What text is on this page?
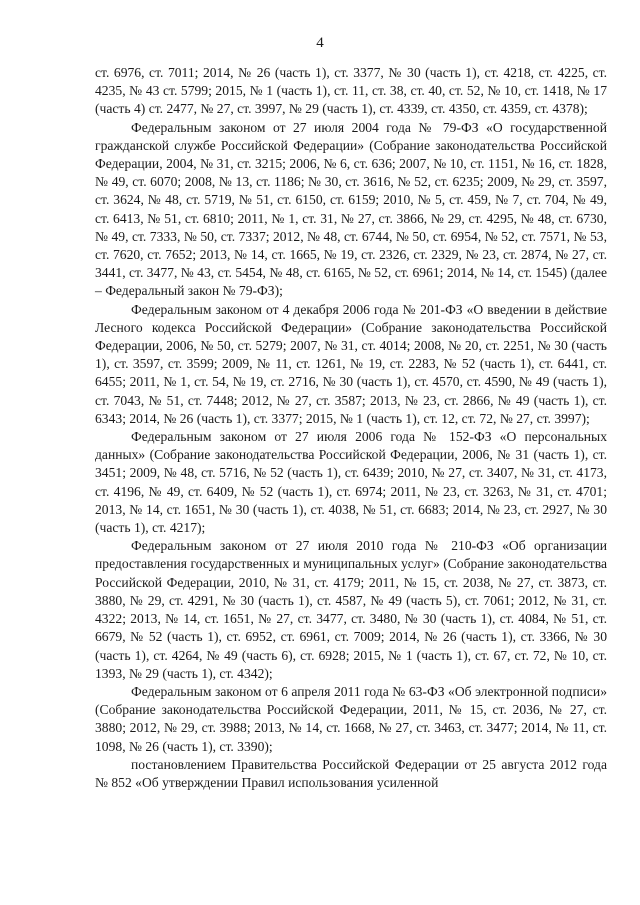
4

ст. 6976, ст. 7011; 2014, № 26 (часть 1), ст. 3377, № 30 (часть 1), ст. 4218, ст. 4225, ст. 4235, № 43 ст. 5799; 2015, № 1 (часть 1), ст. 11, ст. 38, ст. 40, ст. 52, № 10, ст. 1418, № 17 (часть 4) ст. 2477, № 27, ст. 3997, № 29 (часть 1), ст. 4339, ст. 4350, ст. 4359, ст. 4378);

Федеральным законом от 27 июля 2004 года № 79-ФЗ «О государственной гражданской службе Российской Федерации» (Собрание законодательства Российской Федерации, 2004, № 31, ст. 3215; 2006, № 6, ст. 636; 2007, № 10, ст. 1151, № 16, ст. 1828, № 49, ст. 6070; 2008, № 13, ст. 1186; № 30, ст. 3616, № 52, ст. 6235; 2009, № 29, ст. 3597, ст. 3624, № 48, ст. 5719, № 51, ст. 6150, ст. 6159; 2010, № 5, ст. 459, № 7, ст. 704, № 49, ст. 6413, № 51, ст. 6810; 2011, № 1, ст. 31, № 27, ст. 3866, № 29, ст. 4295, № 48, ст. 6730, № 49, ст. 7333, № 50, ст. 7337; 2012, № 48, ст. 6744, № 50, ст. 6954, № 52, ст. 7571, № 53, ст. 7620, ст. 7652; 2013, № 14, ст. 1665, № 19, ст. 2326, ст. 2329, № 23, ст. 2874, № 27, ст. 3441, ст. 3477, № 43, ст. 5454, № 48, ст. 6165, № 52, ст. 6961; 2014, № 14, ст. 1545) (далее – Федеральный закон № 79-ФЗ);

Федеральным законом от 4 декабря 2006 года № 201-ФЗ «О введении в действие Лесного кодекса Российской Федерации» (Собрание законодательства Российской Федерации, 2006, № 50, ст. 5279; 2007, № 31, ст. 4014; 2008, № 20, ст. 2251, № 30 (часть 1), ст. 3597, ст. 3599; 2009, № 11, ст. 1261, № 19, ст. 2283, № 52 (часть 1), ст. 6441, ст. 6455; 2011, № 1, ст. 54, № 19, ст. 2716, № 30 (часть 1), ст. 4570, ст. 4590, № 49 (часть 1), ст. 7043, № 51, ст. 7448; 2012, № 27, ст. 3587; 2013, № 23, ст. 2866, № 49 (часть 1), ст. 6343; 2014, № 26 (часть 1), ст. 3377; 2015, № 1 (часть 1), ст. 12, ст. 72, № 27, ст. 3997);

Федеральным законом от 27 июля 2006 года № 152-ФЗ «О персональных данных» (Собрание законодательства Российской Федерации, 2006, № 31 (часть 1), ст. 3451; 2009, № 48, ст. 5716, № 52 (часть 1), ст. 6439; 2010, № 27, ст. 3407, № 31, ст. 4173, ст. 4196, № 49, ст. 6409, № 52 (часть 1), ст. 6974; 2011, № 23, ст. 3263, № 31, ст. 4701; 2013, № 14, ст. 1651, № 30 (часть 1), ст. 4038, № 51, ст. 6683; 2014, № 23, ст. 2927, № 30 (часть 1), ст. 4217);

Федеральным законом от 27 июля 2010 года № 210-ФЗ «Об организации предоставления государственных и муниципальных услуг» (Собрание законодательства Российской Федерации, 2010, № 31, ст. 4179; 2011, № 15, ст. 2038, № 27, ст. 3873, ст. 3880, № 29, ст. 4291, № 30 (часть 1), ст. 4587, № 49 (часть 5), ст. 7061; 2012, № 31, ст. 4322; 2013, № 14, ст. 1651, № 27, ст. 3477, ст. 3480, № 30 (часть 1), ст. 4084, № 51, ст. 6679, № 52 (часть 1), ст. 6952, ст. 6961, ст. 7009; 2014, № 26 (часть 1), ст. 3366, № 30 (часть 1), ст. 4264, № 49 (часть 6), ст. 6928; 2015, № 1 (часть 1), ст. 67, ст. 72, № 10, ст. 1393, № 29 (часть 1), ст. 4342);

Федеральным законом от 6 апреля 2011 года № 63-ФЗ «Об электронной подписи» (Собрание законодательства Российской Федерации, 2011, № 15, ст. 2036, № 27, ст. 3880; 2012, № 29, ст. 3988; 2013, № 14, ст. 1668, № 27, ст. 3463, ст. 3477; 2014, № 11, ст. 1098, № 26 (часть 1), ст. 3390);

постановлением Правительства Российской Федерации от 25 августа 2012 года № 852 «Об утверждении Правил использования усиленной
